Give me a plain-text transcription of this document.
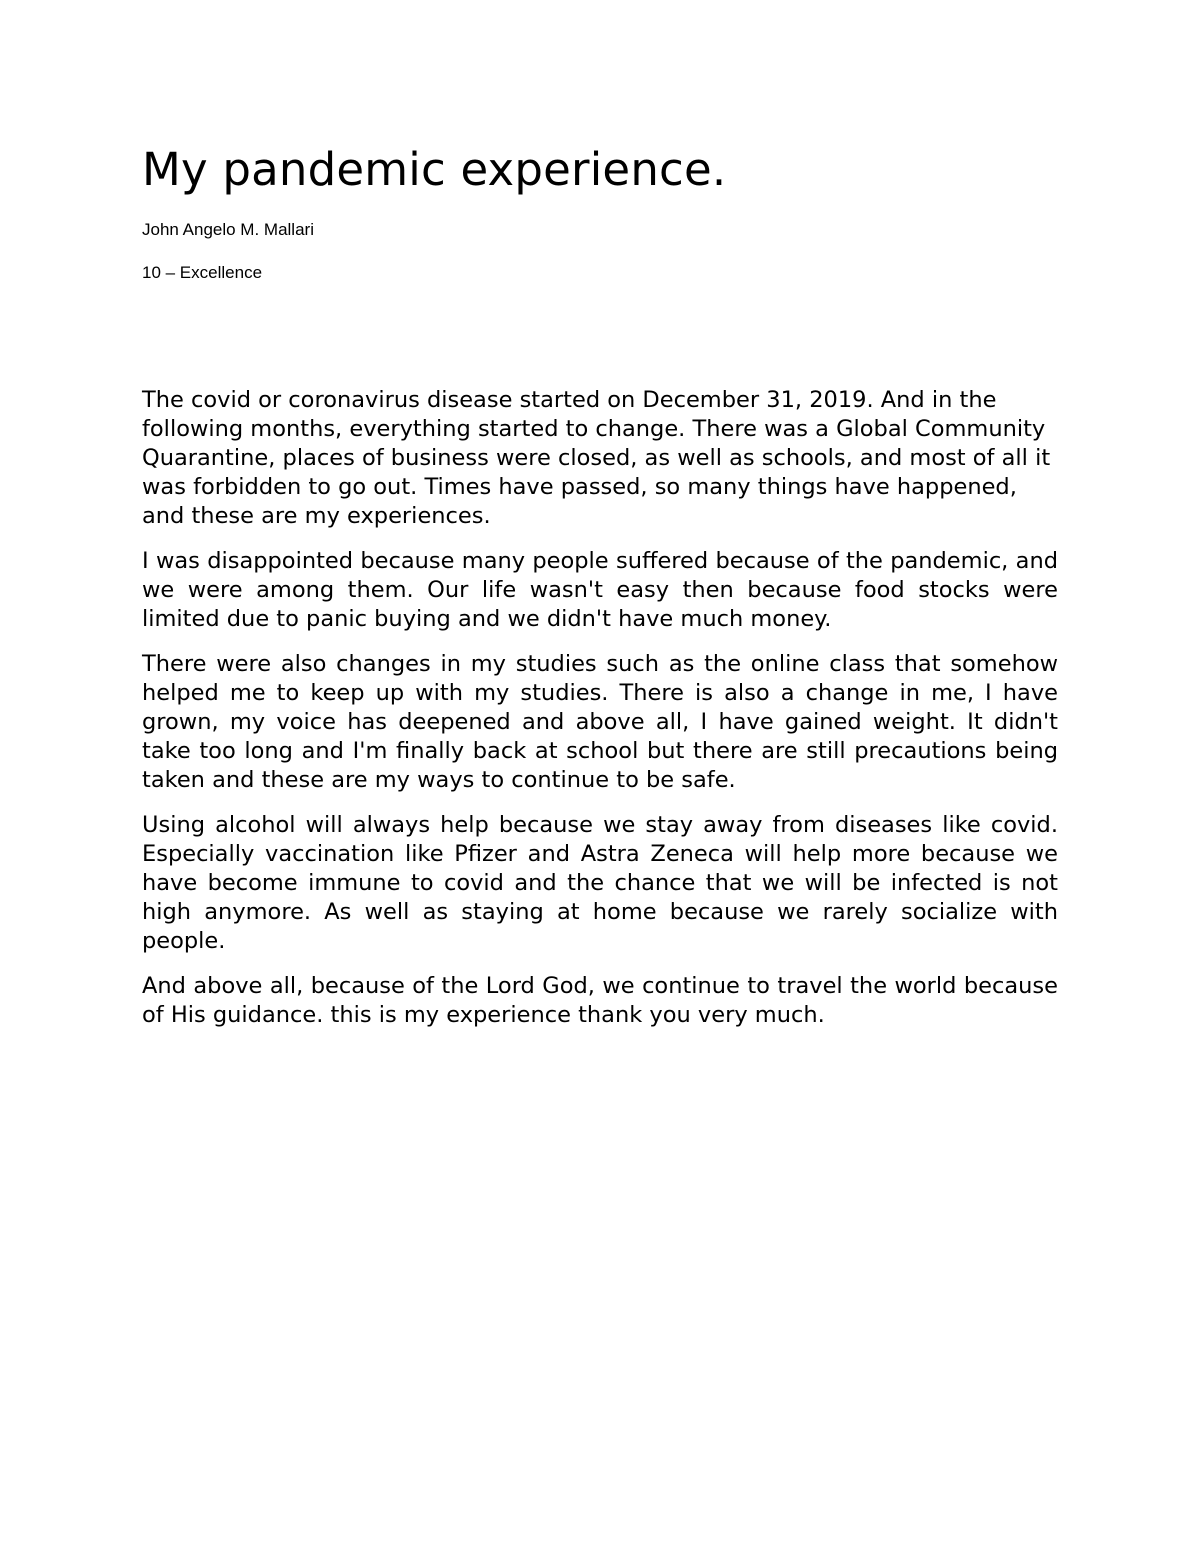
My pandemic experience.

John Angelo M. Mallari

10 – Excellence

The covid or coronavirus disease started on December 31, 2019. And in the following months, everything started to change. There was a Global Community Quarantine, places of business were closed, as well as schools, and most of all it was forbidden to go out. Times have passed, so many things have happened, and these are my experiences.

I was disappointed because many people suffered because of the pandemic, and we were among them. Our life wasn't easy then because food stocks were limited due to panic buying and we didn't have much money.

There were also changes in my studies such as the online class that somehow helped me to keep up with my studies. There is also a change in me, I have grown, my voice has deepened and above all, I have gained weight. It didn't take too long and I'm finally back at school but there are still precautions being taken and these are my ways to continue to be safe.

Using alcohol will always help because we stay away from diseases like covid. Especially vaccination like Pfizer and Astra Zeneca will help more because we have become immune to covid and the chance that we will be infected is not high anymore. As well as staying at home because we rarely socialize with people.

And above all, because of the Lord God, we continue to travel the world because of His guidance. this is my experience thank you very much.
